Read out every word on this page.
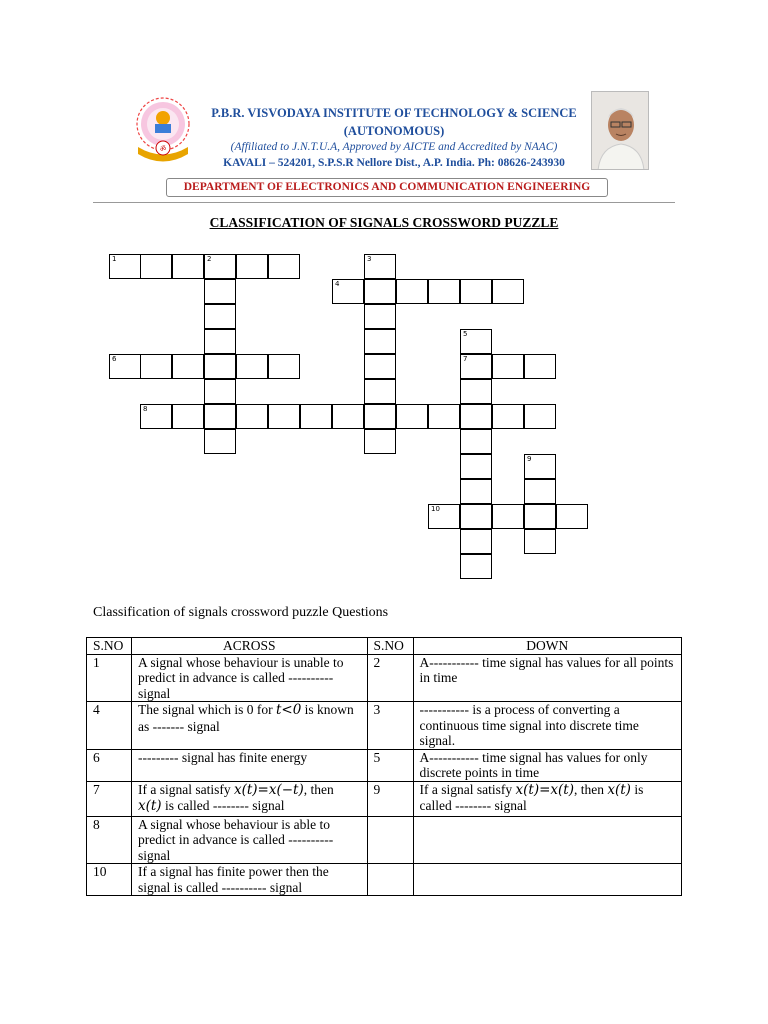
ॐ
P.B.R. VISVODAYA INSTITUTE OF TECHNOLOGY & SCIENCE
(AUTONOMOUS)
(Affiliated to J.N.T.U.A, Approved by AICTE and Accredited by NAAC)
KAVALI – 524201, S.P.S.R Nellore Dist., A.P. India. Ph: 08626-243930
DEPARTMENT OF ELECTRONICS AND COMMUNICATION ENGINEERING
CLASSIFICATION OF SIGNALS CROSSWORD PUZZLE
1	2	3
4
5
6	7
8
9
10
Classification of signals crossword puzzle Questions
S.NO	ACROSS	S.NO	DOWN
1	A signal whose behaviour is unable to predict in advance is called ---------- signal	2	A----------- time signal has values for all points in time
4	The signal which is 0 for t<0 is known as ------- signal	3	----------- is a process of converting a continuous time signal into discrete time signal.
6	--------- signal has finite energy	5	A----------- time signal has values for only discrete points in time
7	If a signal satisfy x(t)=x(−t), then x(t) is called -------- signal	9	If a signal satisfy x(t)=x(t), then x(t) is called -------- signal
8	A signal whose behaviour is able to predict in advance is called ---------- signal		
10	If a signal has finite power then the signal is called ---------- signal		
